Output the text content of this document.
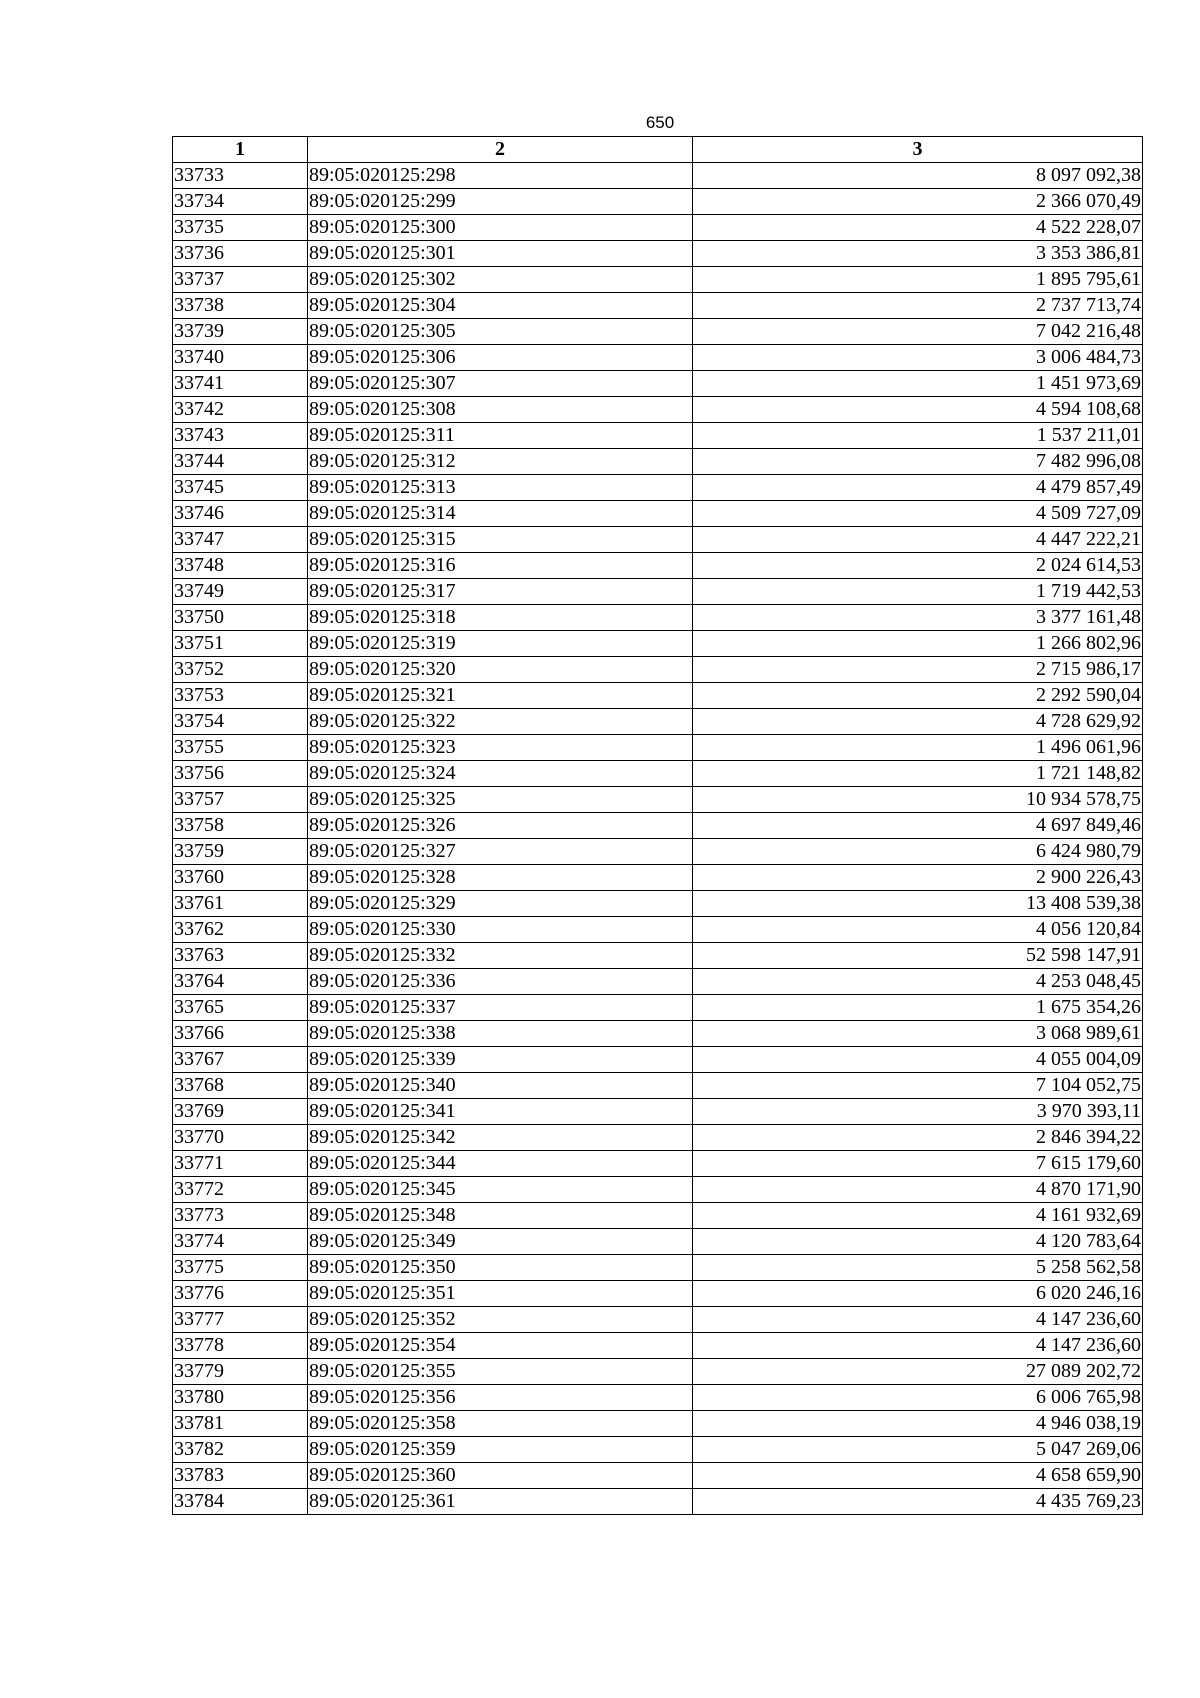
650
1	2	3
33733	89:05:020125:298	8 097 092,38
33734	89:05:020125:299	2 366 070,49
33735	89:05:020125:300	4 522 228,07
33736	89:05:020125:301	3 353 386,81
33737	89:05:020125:302	1 895 795,61
33738	89:05:020125:304	2 737 713,74
33739	89:05:020125:305	7 042 216,48
33740	89:05:020125:306	3 006 484,73
33741	89:05:020125:307	1 451 973,69
33742	89:05:020125:308	4 594 108,68
33743	89:05:020125:311	1 537 211,01
33744	89:05:020125:312	7 482 996,08
33745	89:05:020125:313	4 479 857,49
33746	89:05:020125:314	4 509 727,09
33747	89:05:020125:315	4 447 222,21
33748	89:05:020125:316	2 024 614,53
33749	89:05:020125:317	1 719 442,53
33750	89:05:020125:318	3 377 161,48
33751	89:05:020125:319	1 266 802,96
33752	89:05:020125:320	2 715 986,17
33753	89:05:020125:321	2 292 590,04
33754	89:05:020125:322	4 728 629,92
33755	89:05:020125:323	1 496 061,96
33756	89:05:020125:324	1 721 148,82
33757	89:05:020125:325	10 934 578,75
33758	89:05:020125:326	4 697 849,46
33759	89:05:020125:327	6 424 980,79
33760	89:05:020125:328	2 900 226,43
33761	89:05:020125:329	13 408 539,38
33762	89:05:020125:330	4 056 120,84
33763	89:05:020125:332	52 598 147,91
33764	89:05:020125:336	4 253 048,45
33765	89:05:020125:337	1 675 354,26
33766	89:05:020125:338	3 068 989,61
33767	89:05:020125:339	4 055 004,09
33768	89:05:020125:340	7 104 052,75
33769	89:05:020125:341	3 970 393,11
33770	89:05:020125:342	2 846 394,22
33771	89:05:020125:344	7 615 179,60
33772	89:05:020125:345	4 870 171,90
33773	89:05:020125:348	4 161 932,69
33774	89:05:020125:349	4 120 783,64
33775	89:05:020125:350	5 258 562,58
33776	89:05:020125:351	6 020 246,16
33777	89:05:020125:352	4 147 236,60
33778	89:05:020125:354	4 147 236,60
33779	89:05:020125:355	27 089 202,72
33780	89:05:020125:356	6 006 765,98
33781	89:05:020125:358	4 946 038,19
33782	89:05:020125:359	5 047 269,06
33783	89:05:020125:360	4 658 659,90
33784	89:05:020125:361	4 435 769,23
